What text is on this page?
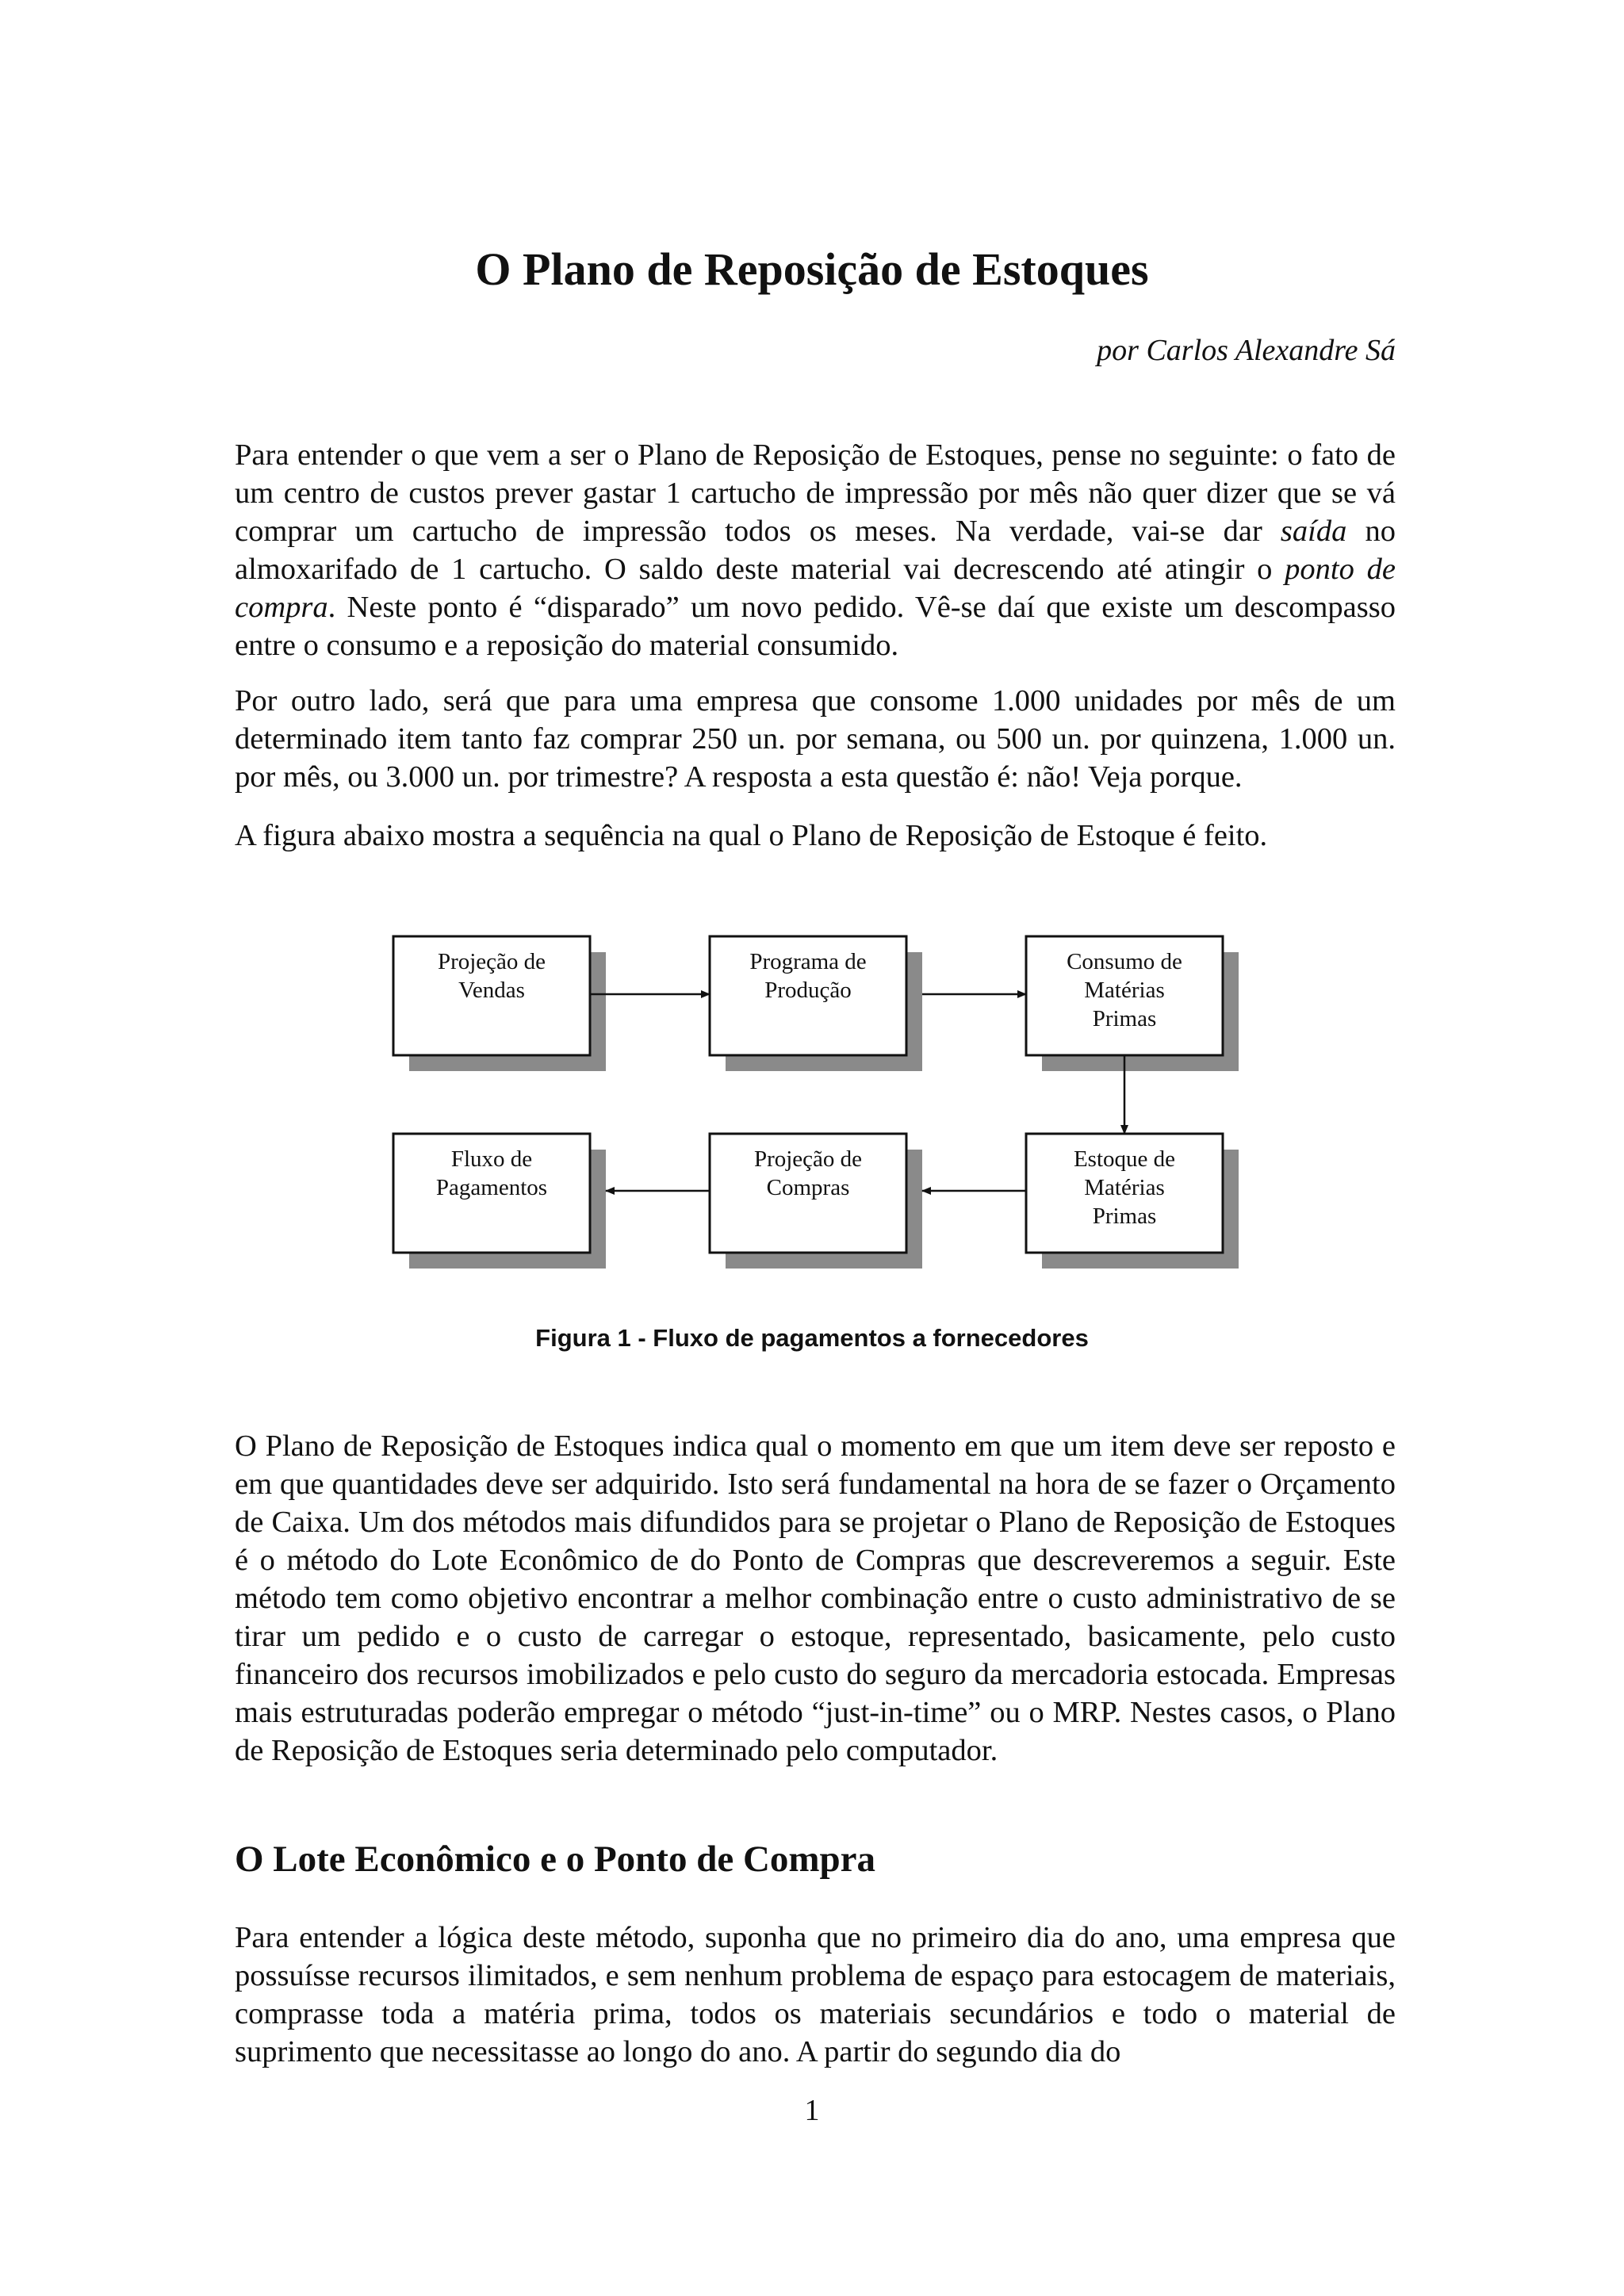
O Plano de Reposição de Estoques
por Carlos Alexandre Sá

Para entender o que vem a ser o Plano de Reposição de Estoques, pense no seguinte: o fato de um centro de custos prever gastar 1 cartucho de impressão por mês não quer dizer que se vá comprar um cartucho de impressão todos os meses. Na verdade, vai-se dar saída no almoxarifado de 1 cartucho. O saldo deste material vai decrescendo até atingir o ponto de compra. Neste ponto é “disparado” um novo pedido. Vê-se daí que existe um descompasso entre o consumo e a reposição do material consumido.

Por outro lado, será que para uma empresa que consome 1.000 unidades por mês de um determinado item tanto faz comprar 250 un. por semana, ou 500 un. por quinzena, 1.000 un. por mês, ou 3.000 un. por trimestre? A resposta a esta questão é: não! Veja porque.

A figura abaixo mostra a sequência na qual o Plano de Reposição de Estoque é feito.

Projeção de
Vendas
Programa de
Produção
Consumo de
Matérias
Primas
Fluxo de
Pagamentos
Projeção de
Compras
Estoque de
Matérias
Primas
Figura 1 - Fluxo de pagamentos a fornecedores

O Plano de Reposição de Estoques indica qual o momento em que um item deve ser reposto e em que quantidades deve ser adquirido. Isto será fundamental na hora de se fazer o Orçamento de Caixa. Um dos métodos mais difundidos para se projetar o Plano de Reposição de Estoques é o método do Lote Econômico de do Ponto de Compras que descreveremos a seguir. Este método tem como objetivo encontrar a melhor combinação entre o custo administrativo de se tirar um pedido e o custo de carregar o estoque, representado, basicamente, pelo custo financeiro dos recursos imobilizados e pelo custo do seguro da mercadoria estocada. Empresas mais estruturadas poderão empregar o método “just-in-time” ou o MRP. Nestes casos, o Plano de Reposição de Estoques seria determinado pelo computador.

O Lote Econômico e o Ponto de Compra

Para entender a lógica deste método, suponha que no primeiro dia do ano, uma empresa que possuísse recursos ilimitados, e sem nenhum problema de espaço para estocagem de materiais, comprasse toda a matéria prima, todos os materiais secundários e todo o material de suprimento que necessitasse ao longo do ano. A partir do segundo dia do

1
